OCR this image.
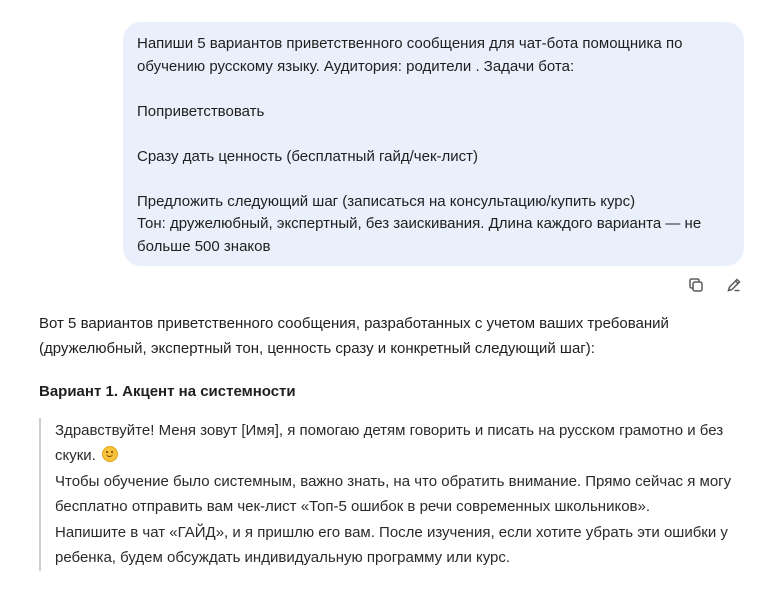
Напиши 5 вариантов приветственного сообщения для чат-бота помощника по обучению русскому языку. Аудитория: родители . Задачи бота:

Поприветствовать

Сразу дать ценность (бесплатный гайд/чек-лист)

Предложить следующий шаг (записаться на консультацию/купить курс)

Тон: дружелюбный, экспертный, без заискивания. Длина каждого варианта — не больше 500 знаков

Вот 5 вариантов приветственного сообщения, разработанных с учетом ваших требований (дружелюбный, экспертный тон, ценность сразу и конкретный следующий шаг):

Вариант 1. Акцент на системности

Здравствуйте! Меня зовут [Имя], я помогаю детям говорить и писать на русском грамотно и без скуки.

Чтобы обучение было системным, важно знать, на что обратить внимание. Прямо сейчас я могу бесплатно отправить вам чек-лист «Топ-5 ошибок в речи современных школьников».

Напишите в чат «ГАЙД», и я пришлю его вам. После изучения, если хотите убрать эти ошибки у ребенка, будем обсуждать индивидуальную программу или курс.
